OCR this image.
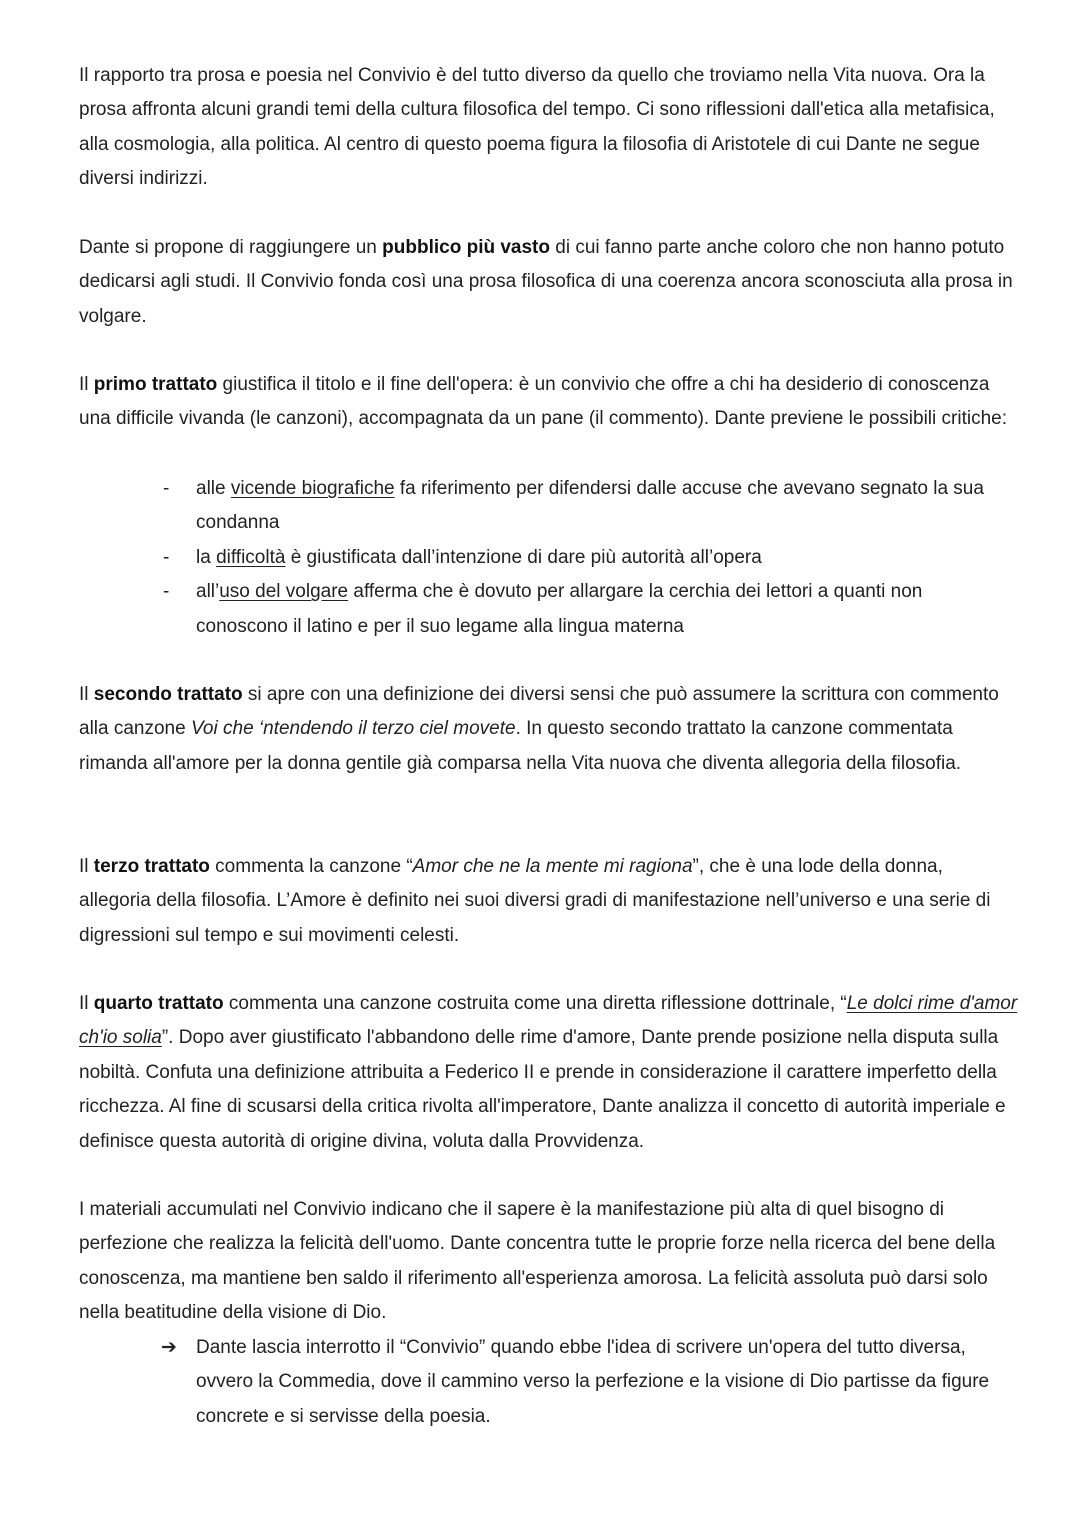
Il rapporto tra prosa e poesia nel Convivio è del tutto diverso da quello che troviamo nella Vita nuova. Ora la prosa affronta alcuni grandi temi della cultura filosofica del tempo. Ci sono riflessioni dall'etica alla metafisica, alla cosmologia, alla politica. Al centro di questo poema figura la filosofia di Aristotele di cui Dante ne segue diversi indirizzi.

Dante si propone di raggiungere un pubblico più vasto di cui fanno parte anche coloro che non hanno potuto dedicarsi agli studi. Il Convivio fonda così una prosa filosofica di una coerenza ancora sconosciuta alla prosa in volgare.

Il primo trattato giustifica il titolo e il fine dell'opera: è un convivio che offre a chi ha desiderio di conoscenza una difficile vivanda (le canzoni), accompagnata da un pane (il commento). Dante previene le possibili critiche:

- alle vicende biografiche fa riferimento per difendersi dalle accuse che avevano segnato la sua condanna
- la difficoltà è giustificata dall’intenzione di dare più autorità all’opera
- all’uso del volgare afferma che è dovuto per allargare la cerchia dei lettori a quanti non conoscono il latino e per il suo legame alla lingua materna

Il secondo trattato si apre con una definizione dei diversi sensi che può assumere la scrittura con commento alla canzone Voi che ‘ntendendo il terzo ciel movete. In questo secondo trattato la canzone commentata rimanda all'amore per la donna gentile già comparsa nella Vita nuova che diventa allegoria della filosofia.

Il terzo trattato commenta la canzone “Amor che ne la mente mi ragiona”, che è una lode della donna, allegoria della filosofia. L’Amore è definito nei suoi diversi gradi di manifestazione nell’universo e una serie di digressioni sul tempo e sui movimenti celesti.

Il quarto trattato commenta una canzone costruita come una diretta riflessione dottrinale, “Le dolci rime d'amor ch'io solia”. Dopo aver giustificato l'abbandono delle rime d'amore, Dante prende posizione nella disputa sulla nobiltà. Confuta una definizione attribuita a Federico II e prende in considerazione il carattere imperfetto della ricchezza. Al fine di scusarsi della critica rivolta all'imperatore, Dante analizza il concetto di autorità imperiale e definisce questa autorità di origine divina, voluta dalla Provvidenza.

I materiali accumulati nel Convivio indicano che il sapere è la manifestazione più alta di quel bisogno di perfezione che realizza la felicità dell'uomo. Dante concentra tutte le proprie forze nella ricerca del bene della conoscenza, ma mantiene ben saldo il riferimento all'esperienza amorosa. La felicità assoluta può darsi solo nella beatitudine della visione di Dio.

➔ Dante lascia interrotto il “Convivio” quando ebbe l'idea di scrivere un'opera del tutto diversa, ovvero la Commedia, dove il cammino verso la perfezione e la visione di Dio partisse da figure concrete e si servisse della poesia.
